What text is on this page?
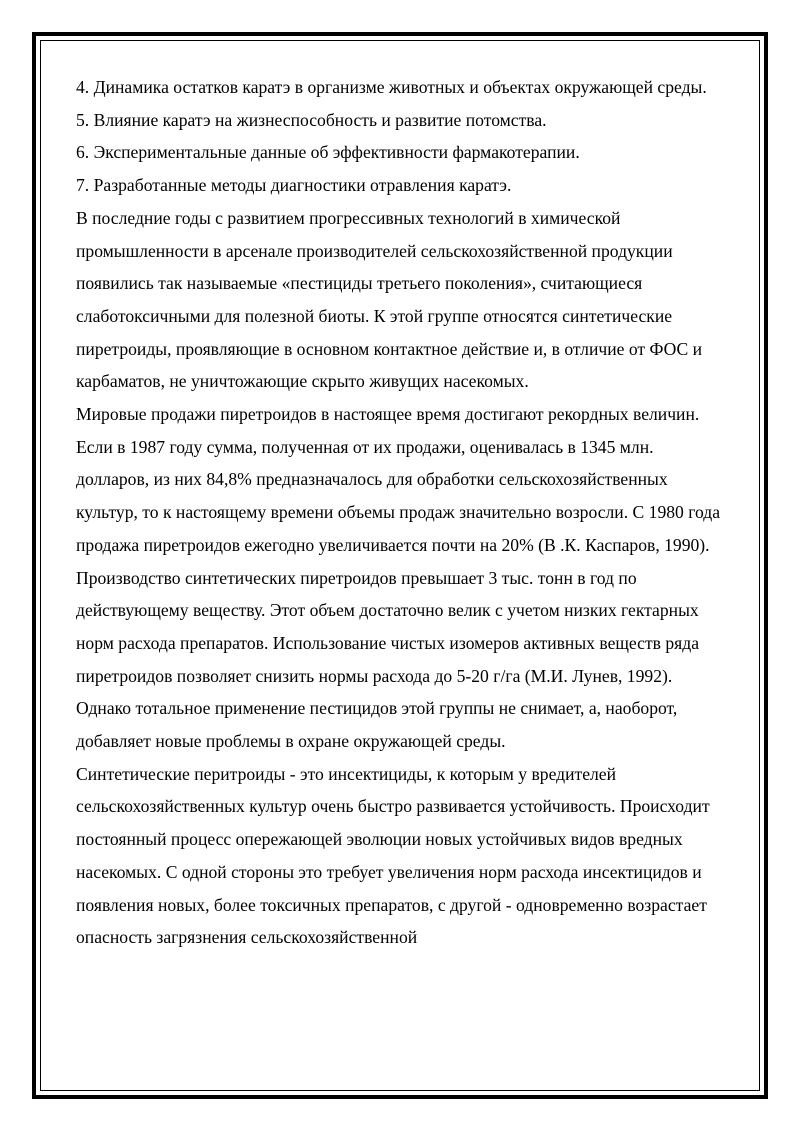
4. Динамика остатков каратэ в организме животных и объектах окружающей среды.

5. Влияние каратэ на жизнеспособность и развитие потомства.

6. Экспериментальные данные об эффективности фармакотерапии.

7. Разработанные методы диагностики отравления каратэ.

В последние годы с развитием прогрессивных технологий в химической промышленности в арсенале производителей сельскохозяйственной продукции появились так называемые «пестициды третьего поколения», считающиеся слаботоксичными для полезной биоты. К этой группе относятся синтетические пиретроиды, проявляющие в основном контактное действие и, в отличие от ФОС и карбаматов, не уничтожающие скрыто живущих насекомых.

Мировые продажи пиретроидов в настоящее время достигают рекордных величин. Если в 1987 году сумма, полученная от их продажи, оценивалась в 1345 млн. долларов, из них 84,8% предназначалось для обработки сельскохозяйственных культур, то к настоящему времени объемы продаж значительно возросли. С 1980 года продажа пиретроидов ежегодно увеличивается почти на 20% (В .К. Каспаров, 1990). Производство синтетических пиретроидов превышает 3 тыс. тонн в год по действующему веществу. Этот объем достаточно велик с учетом низких гектарных норм расхода препаратов. Использование чистых изомеров активных веществ ряда пиретроидов позволяет снизить нормы расхода до 5-20 г/га (М.И. Лунев, 1992). Однако тотальное применение пестицидов этой группы не снимает, а, наоборот, добавляет новые проблемы в охране окружающей среды.

Синтетические перитроиды - это инсектициды, к которым у вредителей сельскохозяйственных культур очень быстро развивается устойчивость. Происходит постоянный процесс опережающей эволюции новых устойчивых видов вредных насекомых. С одной стороны это требует увеличения норм расхода инсектицидов и появления новых, более токсичных препаратов, с другой - одновременно возрастает опасность загрязнения сельскохозяйственной
